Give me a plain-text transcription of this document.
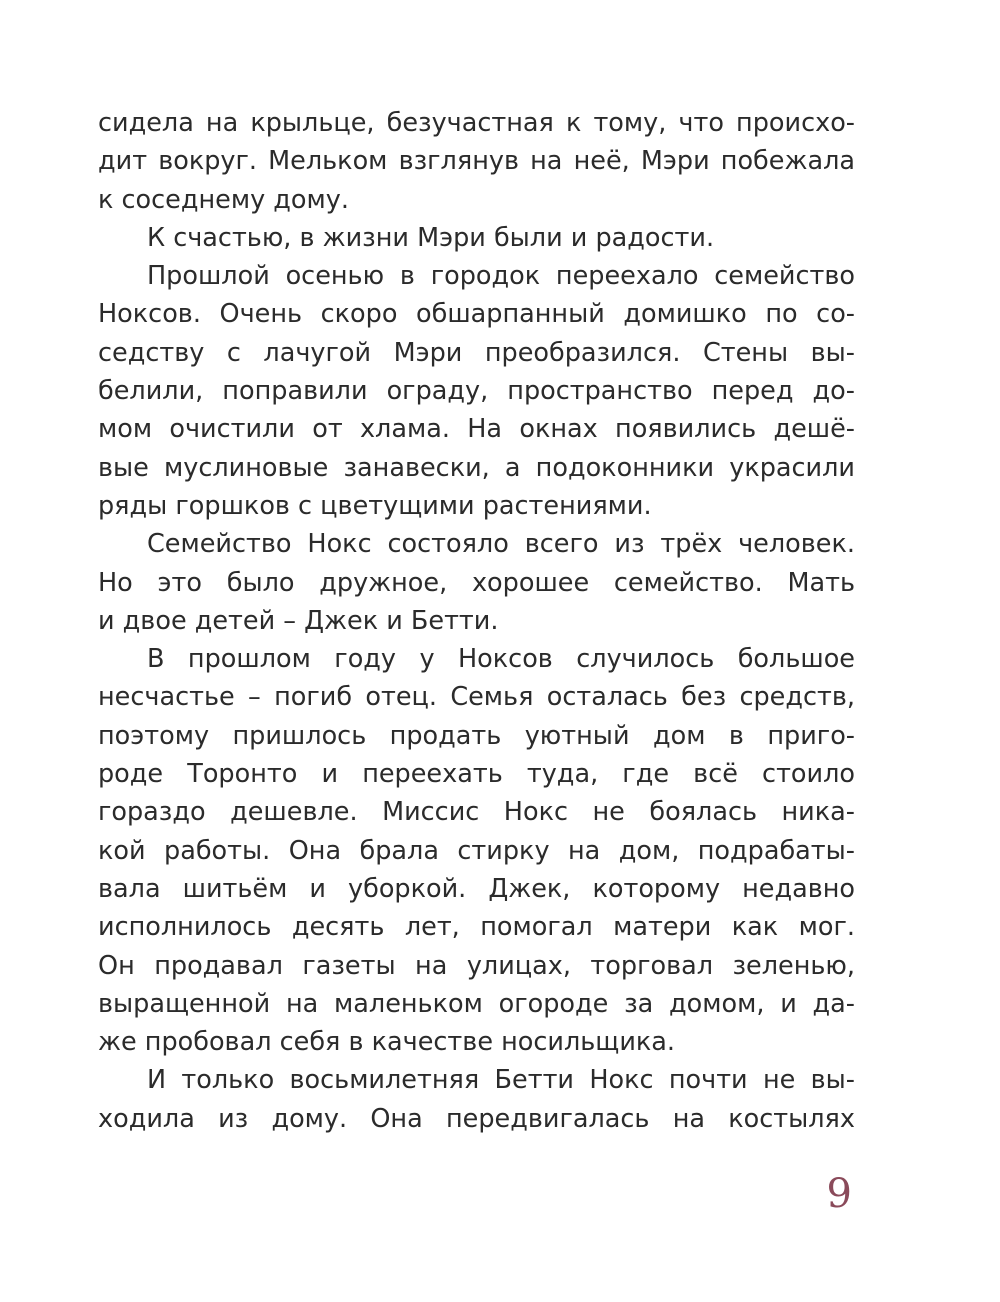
сидела на крыльце, безучастная к тому, что происхо-
дит вокруг. Мельком взглянув на неё, Мэри побежала
к соседнему дому.
К счастью, в жизни Мэри были и радости.
Прошлой осенью в городок переехало семейство
Ноксов. Очень скоро обшарпанный домишко по со-
седству с лачугой Мэри преобразился. Стены вы-
белили, поправили ограду, пространство перед до-
мом очистили от хлама. На окнах появились дешё-
вые муслиновые занавески, а подоконники украсили
ряды горшков с цветущими растениями.
Семейство Нокс состояло всего из трёх человек.
Но это было дружное, хорошее семейство. Мать
и двое детей – Джек и Бетти.
В прошлом году у Ноксов случилось большое
несчастье – погиб отец. Семья осталась без средств,
поэтому пришлось продать уютный дом в приго-
роде Торонто и переехать туда, где всё стоило
гораздо дешевле. Миссис Нокс не боялась ника-
кой работы. Она брала стирку на дом, подрабаты-
вала шитьём и уборкой. Джек, которому недавно
исполнилось десять лет, помогал матери как мог.
Он продавал газеты на улицах, торговал зеленью,
выращенной на маленьком огороде за домом, и да-
же пробовал себя в качестве носильщика.
И только восьмилетняя Бетти Нокс почти не вы-
ходила из дому. Она передвигалась на костылях
9
